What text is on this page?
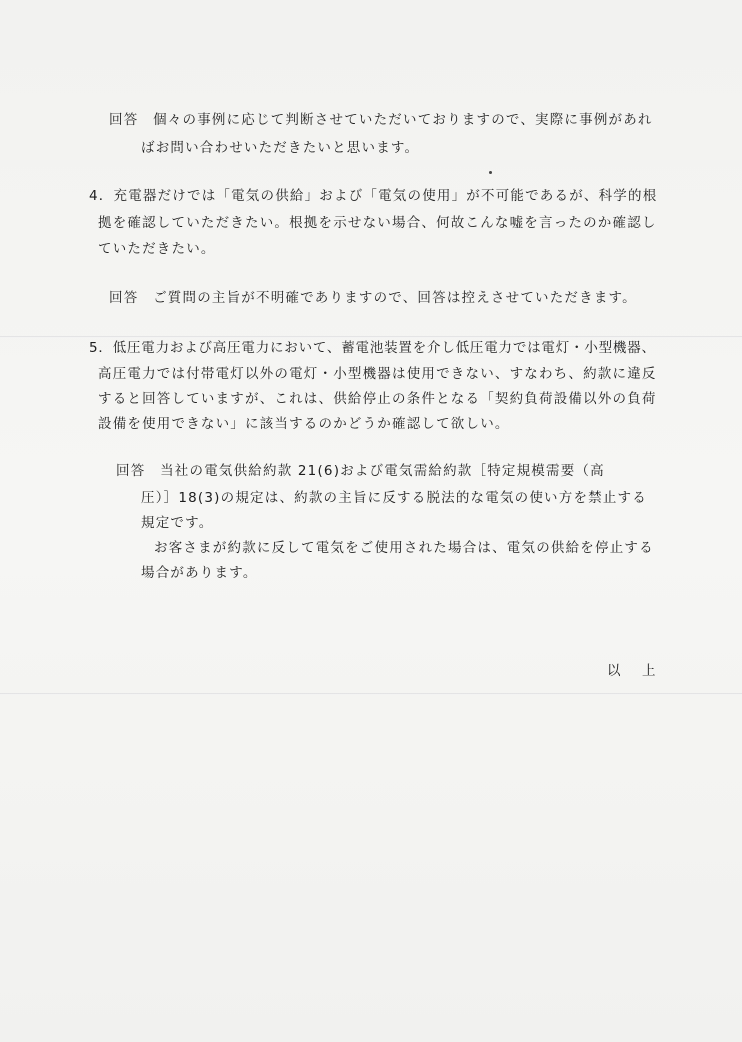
回答　個々の事例に応じて判断させていただいておりますので、実際に事例があれ
ばお問い合わせいただきたいと思います。
4．充電器だけでは「電気の供給」および「電気の使用」が不可能であるが、科学的根
拠を確認していただきたい。根拠を示せない場合、何故こんな嘘を言ったのか確認し
ていただきたい。
回答　ご質問の主旨が不明確でありますので、回答は控えさせていただきます。
5．低圧電力および高圧電力において、蓄電池装置を介し低圧電力では電灯・小型機器、
高圧電力では付帯電灯以外の電灯・小型機器は使用できない、すなわち、約款に違反
すると回答していますが、これは、供給停止の条件となる「契約負荷設備以外の負荷
設備を使用できない」に該当するのかどうか確認して欲しい。
回答　当社の電気供給約款 21(6)および電気需給約款［特定規模需要（高
圧）］18(3)の規定は、約款の主旨に反する脱法的な電気の使い方を禁止する
規定です。
お客さまが約款に反して電気をご使用された場合は、電気の供給を停止する
場合があります。
以　上
